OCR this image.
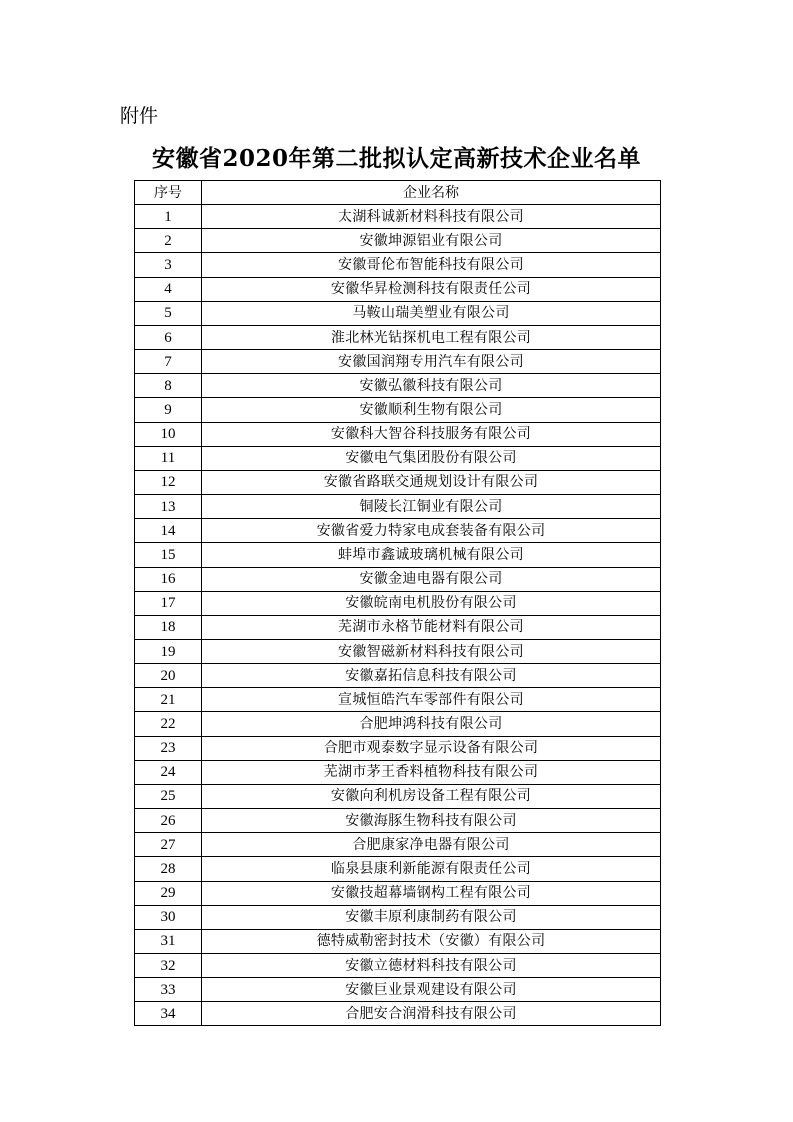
附件
安徽省2020年第二批拟认定高新技术企业名单
序号	企业名称
1	太湖科诚新材料科技有限公司
2	安徽坤源铝业有限公司
3	安徽哥伦布智能科技有限公司
4	安徽华昇检测科技有限责任公司
5	马鞍山瑞美塑业有限公司
6	淮北林光钻探机电工程有限公司
7	安徽国润翔专用汽车有限公司
8	安徽弘徽科技有限公司
9	安徽顺利生物有限公司
10	安徽科大智谷科技服务有限公司
11	安徽电气集团股份有限公司
12	安徽省路联交通规划设计有限公司
13	铜陵长江铜业有限公司
14	安徽省爱力特家电成套装备有限公司
15	蚌埠市鑫诚玻璃机械有限公司
16	安徽金迪电器有限公司
17	安徽皖南电机股份有限公司
18	芜湖市永格节能材料有限公司
19	安徽智磁新材料科技有限公司
20	安徽嘉拓信息科技有限公司
21	宣城恒皓汽车零部件有限公司
22	合肥坤鸿科技有限公司
23	合肥市观泰数字显示设备有限公司
24	芜湖市茅王香料植物科技有限公司
25	安徽向利机房设备工程有限公司
26	安徽海豚生物科技有限公司
27	合肥康家净电器有限公司
28	临泉县康利新能源有限责任公司
29	安徽技超幕墙钢构工程有限公司
30	安徽丰原利康制药有限公司
31	德特威勒密封技术（安徽）有限公司
32	安徽立德材料科技有限公司
33	安徽巨业景观建设有限公司
34	合肥安合润滑科技有限公司
